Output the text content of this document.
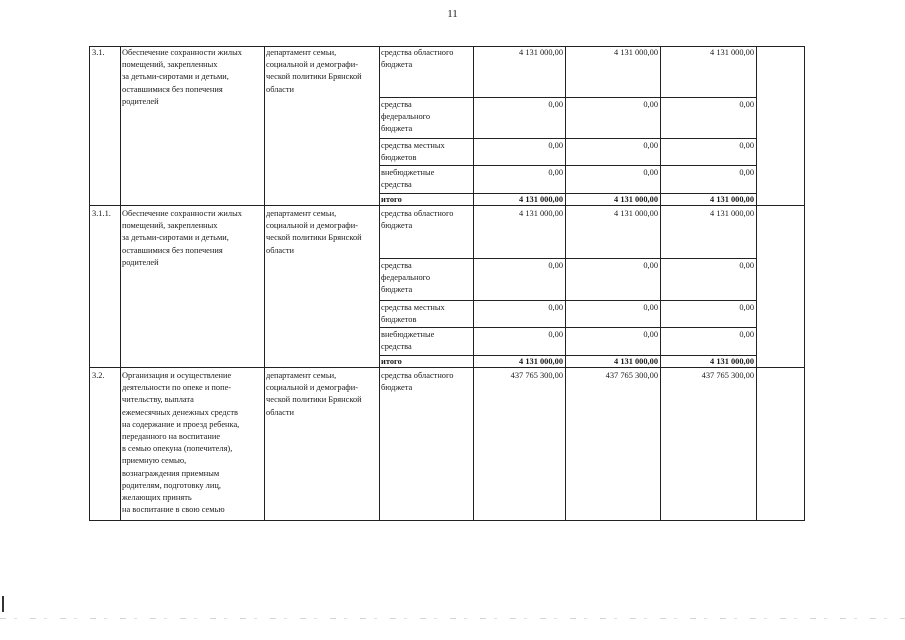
11

3.1.	Обеспечение сохранности жилых
помещений, закрепленных
за детьми-сиротами и детьми,
оставшимися без попечения
родителей

департамент семьи,
социальной и демографи-
ческой политики Брянской
области

средства областного
бюджета

4 131 000,00	4 131 000,00	4 131 000,00

средства
федерального
бюджета

0,00	0,00	0,00

средства местных
бюджетов

0,00	0,00	0,00

внебюджетные
средства

0,00	0,00	0,00

итого	4 131 000,00	4 131 000,00	4 131 000,00

3.1.1.	Обеспечение сохранности жилых
помещений, закрепленных
за детьми-сиротами и детьми,
оставшимися без попечения
родителей

департамент семьи,
социальной и демографи-
ческой политики Брянской
области

средства областного
бюджета

4 131 000,00	4 131 000,00	4 131 000,00

средства
федерального
бюджета

0,00	0,00	0,00

средства местных
бюджетов

0,00	0,00	0,00

внебюджетные
средства

0,00	0,00	0,00

итого	4 131 000,00	4 131 000,00	4 131 000,00

3.2.	Организация и осуществление
деятельности по опеке и попе-
чительству, выплата
ежемесячных денежных средств
на содержание и проезд ребенка,
переданного на воспитание
в семью опекуна (попечителя),
приемную семью,
вознаграждения приемным
родителям, подготовку лиц,
желающих принять
на воспитание в свою семью

департамент семьи,
социальной и демографи-
ческой политики Брянской
области

средства областного
бюджета

437 765 300,00	437 765 300,00	437 765 300,00
